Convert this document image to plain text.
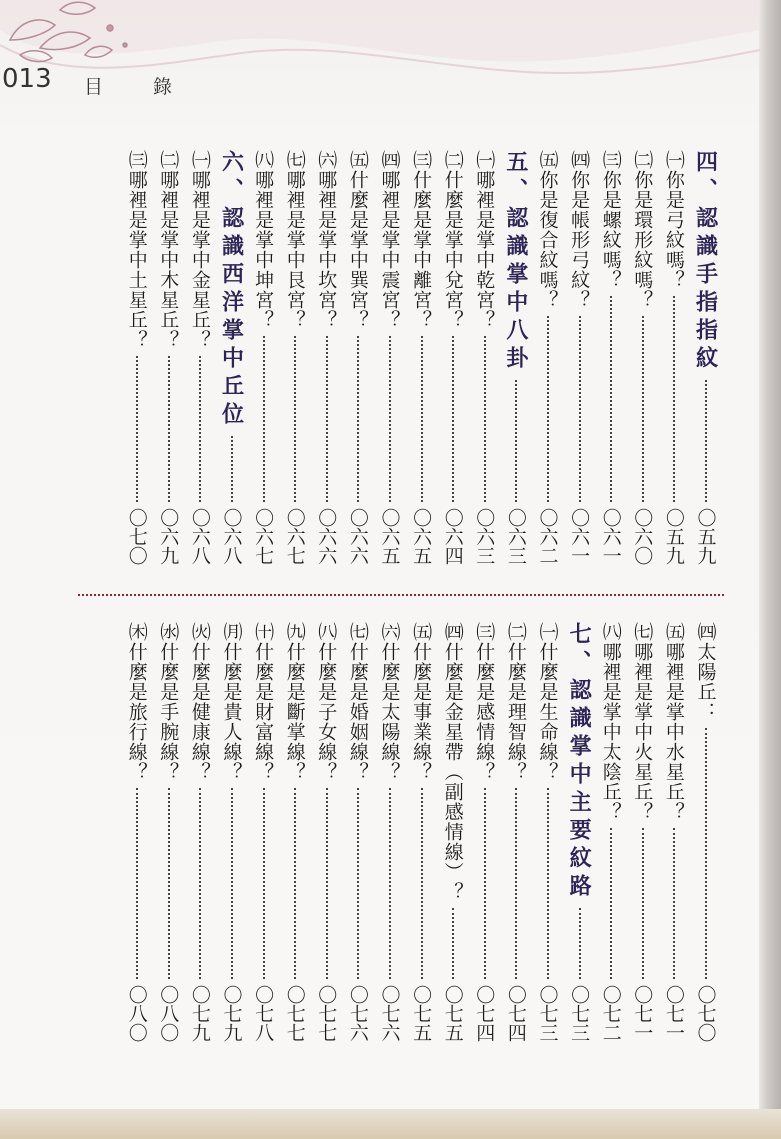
013 目 錄
四、認識手指指紋
〇五九
㈠你是弓紋嗎？
〇五九
㈡你是環形紋嗎？
〇六〇
㈢你是螺紋嗎？
〇六一
㈣你是帳形弓紋？
〇六一
㈤你是復合紋嗎？
〇六二
五、認識掌中八卦
〇六三
㈠哪裡是掌中乾宮？
〇六三
㈡什麼是掌中兌宮？
〇六四
㈢什麼是掌中離宮？
〇六五
㈣哪裡是掌中震宮？
〇六五
㈤什麼是掌中巽宮？
〇六六
㈥哪裡是掌中坎宮？
〇六六
㈦哪裡是掌中艮宮？
〇六七
㈧哪裡是掌中坤宮？
〇六七
六、認識西洋掌中丘位
〇六八
㈠哪裡是掌中金星丘？
〇六八
㈡哪裡是掌中木星丘？
〇六九
㈢哪裡是掌中土星丘？
〇七〇
㈣太陽丘：
〇七〇
㈤哪裡是掌中水星丘？
〇七一
㈦哪裡是掌中火星丘？
〇七一
㈧哪裡是掌中太陰丘？
〇七二
七、認識掌中主要紋路
〇七三
㈠什麼是生命線？
〇七三
㈡什麼是理智線？
〇七四
㈢什麼是感情線？
〇七四
㈣什麼是金星帶（副感情線）？
〇七五
㈤什麼是事業線？
〇七五
㈥什麼是太陽線？
〇七六
㈦什麼是婚姻線？
〇七六
㈧什麼是子女線？
〇七七
㈨什麼是斷掌線？
〇七七
㈩什麼是財富線？
〇七八
㈪什麼是貴人線？
〇七九
㈫什麼是健康線？
〇七九
㈬什麼是手腕線？
〇八〇
㈭什麼是旅行線？
〇八〇
